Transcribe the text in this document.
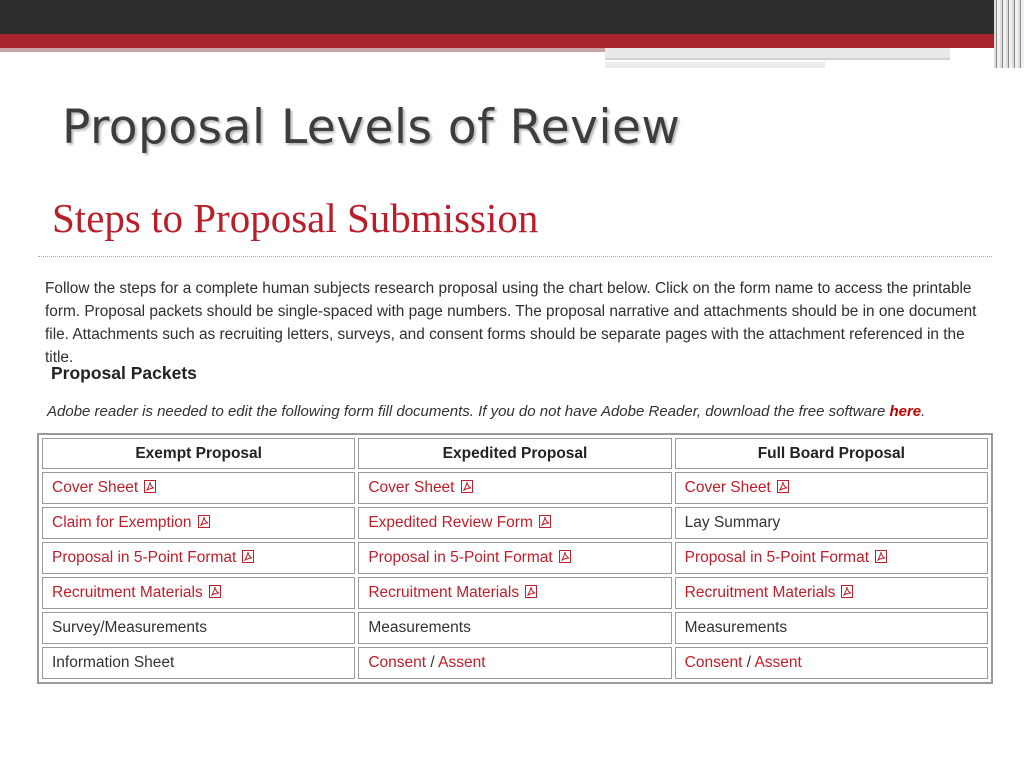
Proposal Levels of Review
Steps to Proposal Submission

Follow the steps for a complete human subjects research proposal using the chart below. Click on the form name to access the printable form. Proposal packets should be single-spaced with page numbers. The proposal narrative and attachments should be in one document file. Attachments such as recruiting letters, surveys, and consent forms should be separate pages with the attachment referenced in the title.

Proposal Packets
Adobe reader is needed to edit the following form fill documents. If you do not have Adobe Reader, download the free software here.
Exempt Proposal	Expedited Proposal	Full Board Proposal
Cover Sheet	Cover Sheet	Cover Sheet
Claim for Exemption	Expedited Review Form	Lay Summary
Proposal in 5-Point Format	Proposal in 5-Point Format	Proposal in 5-Point Format
Recruitment Materials	Recruitment Materials	Recruitment Materials
Survey/Measurements	Measurements	Measurements
Information Sheet	Consent / Assent	Consent / Assent
